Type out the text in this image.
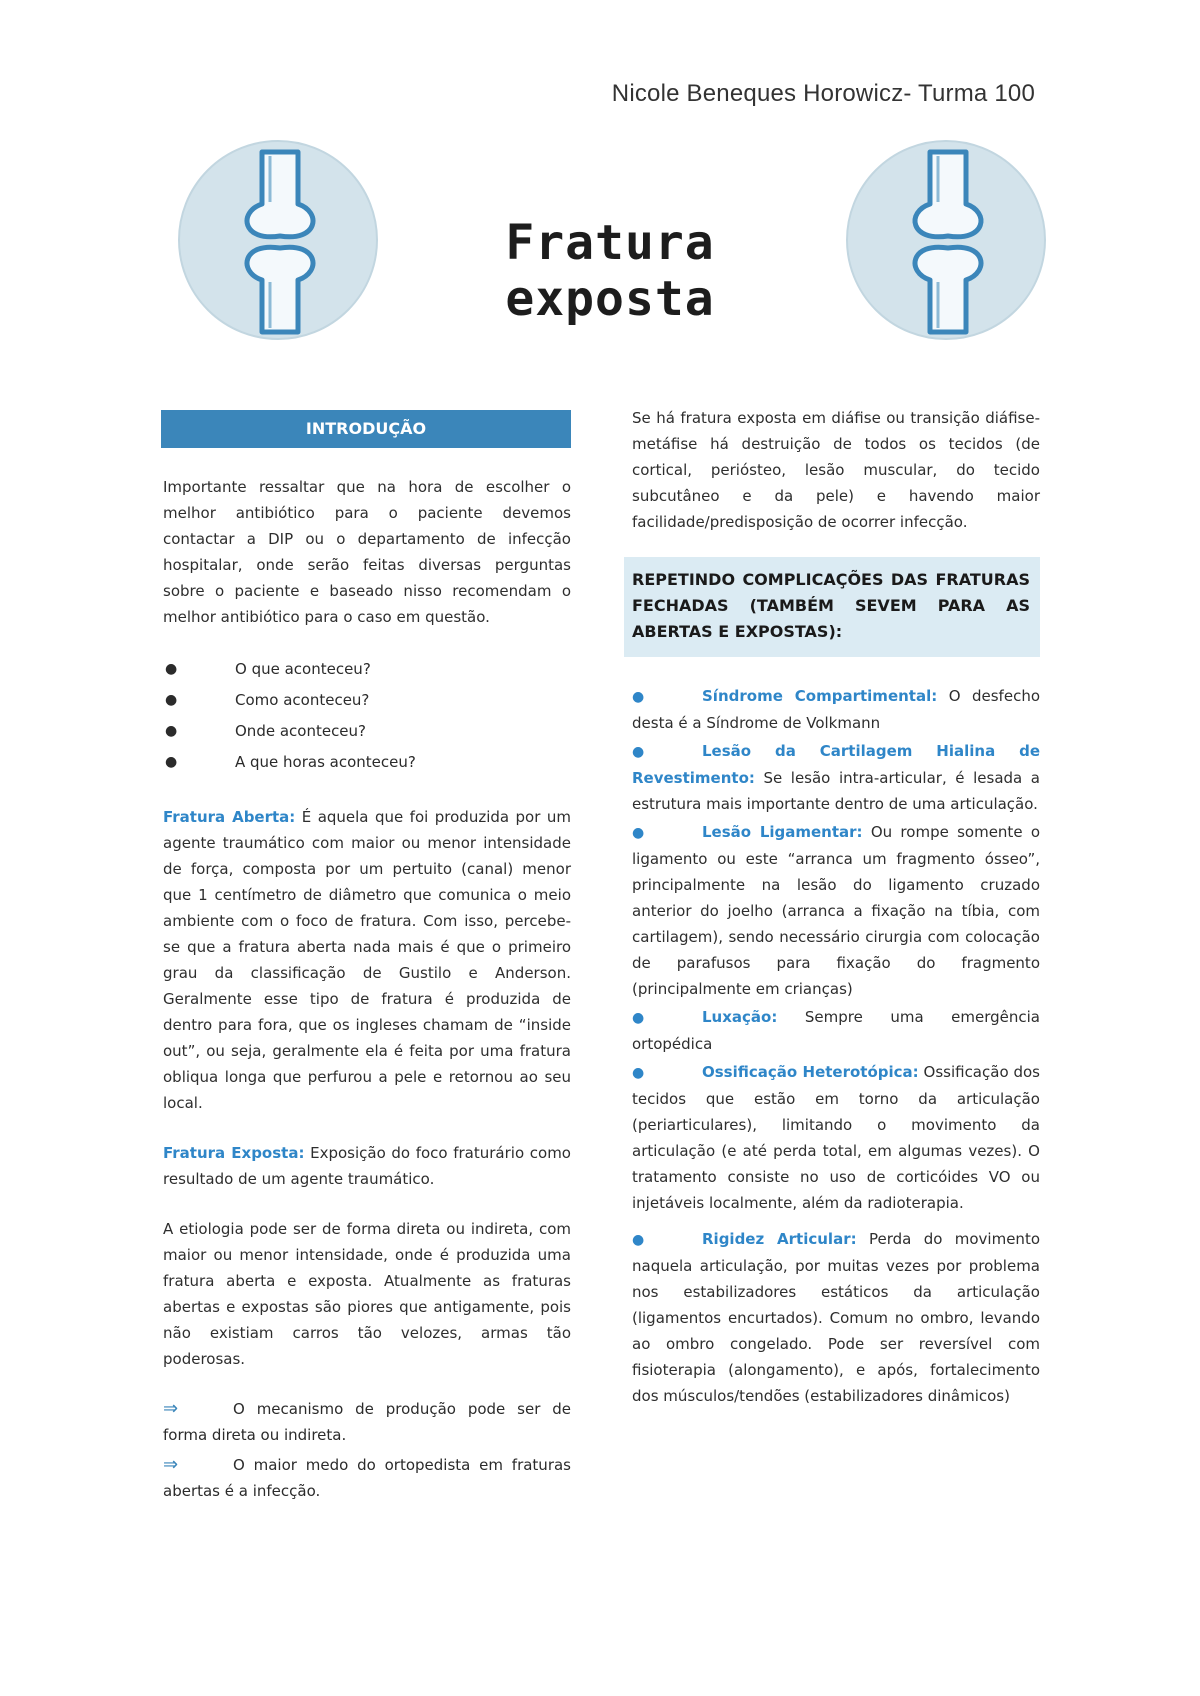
Nicole Beneques Horowicz- Turma 100
Fratura exposta
INTRODUÇÃO

Importante ressaltar que na hora de escolher o melhor antibiótico para o paciente devemos contactar a DIP ou o departamento de infecção hospitalar, onde serão feitas diversas perguntas sobre o paciente e baseado nisso recomendam o melhor antibiótico para o caso em questão.

●	O que aconteceu?
●	Como aconteceu?
●	Onde aconteceu?
●	A que horas aconteceu?

Fratura Aberta: É aquela que foi produzida por um agente traumático com maior ou menor intensidade de força, composta por um pertuito (canal) menor que 1 centímetro de diâmetro que comunica o meio ambiente com o foco de fratura. Com isso, percebe-se que a fratura aberta nada mais é que o primeiro grau da classificação de Gustilo e Anderson. Geralmente esse tipo de fratura é produzida de dentro para fora, que os ingleses chamam de “inside out”, ou seja, geralmente ela é feita por uma fratura obliqua longa que perfurou a pele e retornou ao seu local.

Fratura Exposta: Exposição do foco fraturário como resultado de um agente traumático.

A etiologia pode ser de forma direta ou indireta, com maior ou menor intensidade, onde é produzida uma fratura aberta e exposta. Atualmente as fraturas abertas e expostas são piores que antigamente, pois não existiam carros tão velozes, armas tão poderosas.

⇒	O mecanismo de produção pode ser de forma direta ou indireta.

⇒	O maior medo do ortopedista em fraturas abertas é a infecção.

Se há fratura exposta em diáfise ou transição diáfise-metáfise há destruição de todos os tecidos (de cortical, periósteo, lesão muscular, do tecido subcutâneo e da pele) e havendo maior facilidade/predisposição de ocorrer infecção.

REPETINDO COMPLICAÇÕES DAS FRATURAS FECHADAS (TAMBÉM SEVEM PARA AS ABERTAS E EXPOSTAS):

●	Síndrome Compartimental: O desfecho desta é a Síndrome de Volkmann

●	Lesão da Cartilagem Hialina de Revestimento: Se lesão intra-articular, é lesada a estrutura mais importante dentro de uma articulação.

●	Lesão Ligamentar: Ou rompe somente o ligamento ou este “arranca um fragmento ósseo”, principalmente na lesão do ligamento cruzado anterior do joelho (arranca a fixação na tíbia, com cartilagem), sendo necessário cirurgia com colocação de parafusos para fixação do fragmento (principalmente em crianças)

●	Luxação: Sempre uma emergência ortopédica

●	Ossificação Heterotópica: Ossificação dos tecidos que estão em torno da articulação (periarticulares), limitando o movimento da articulação (e até perda total, em algumas vezes). O tratamento consiste no uso de corticóides VO ou injetáveis localmente, além da radioterapia.

●	Rigidez Articular: Perda do movimento naquela articulação, por muitas vezes por problema nos estabilizadores estáticos da articulação (ligamentos encurtados). Comum no ombro, levando ao ombro congelado. Pode ser reversível com fisioterapia (alongamento), e após, fortalecimento dos músculos/tendões (estabilizadores dinâmicos)
